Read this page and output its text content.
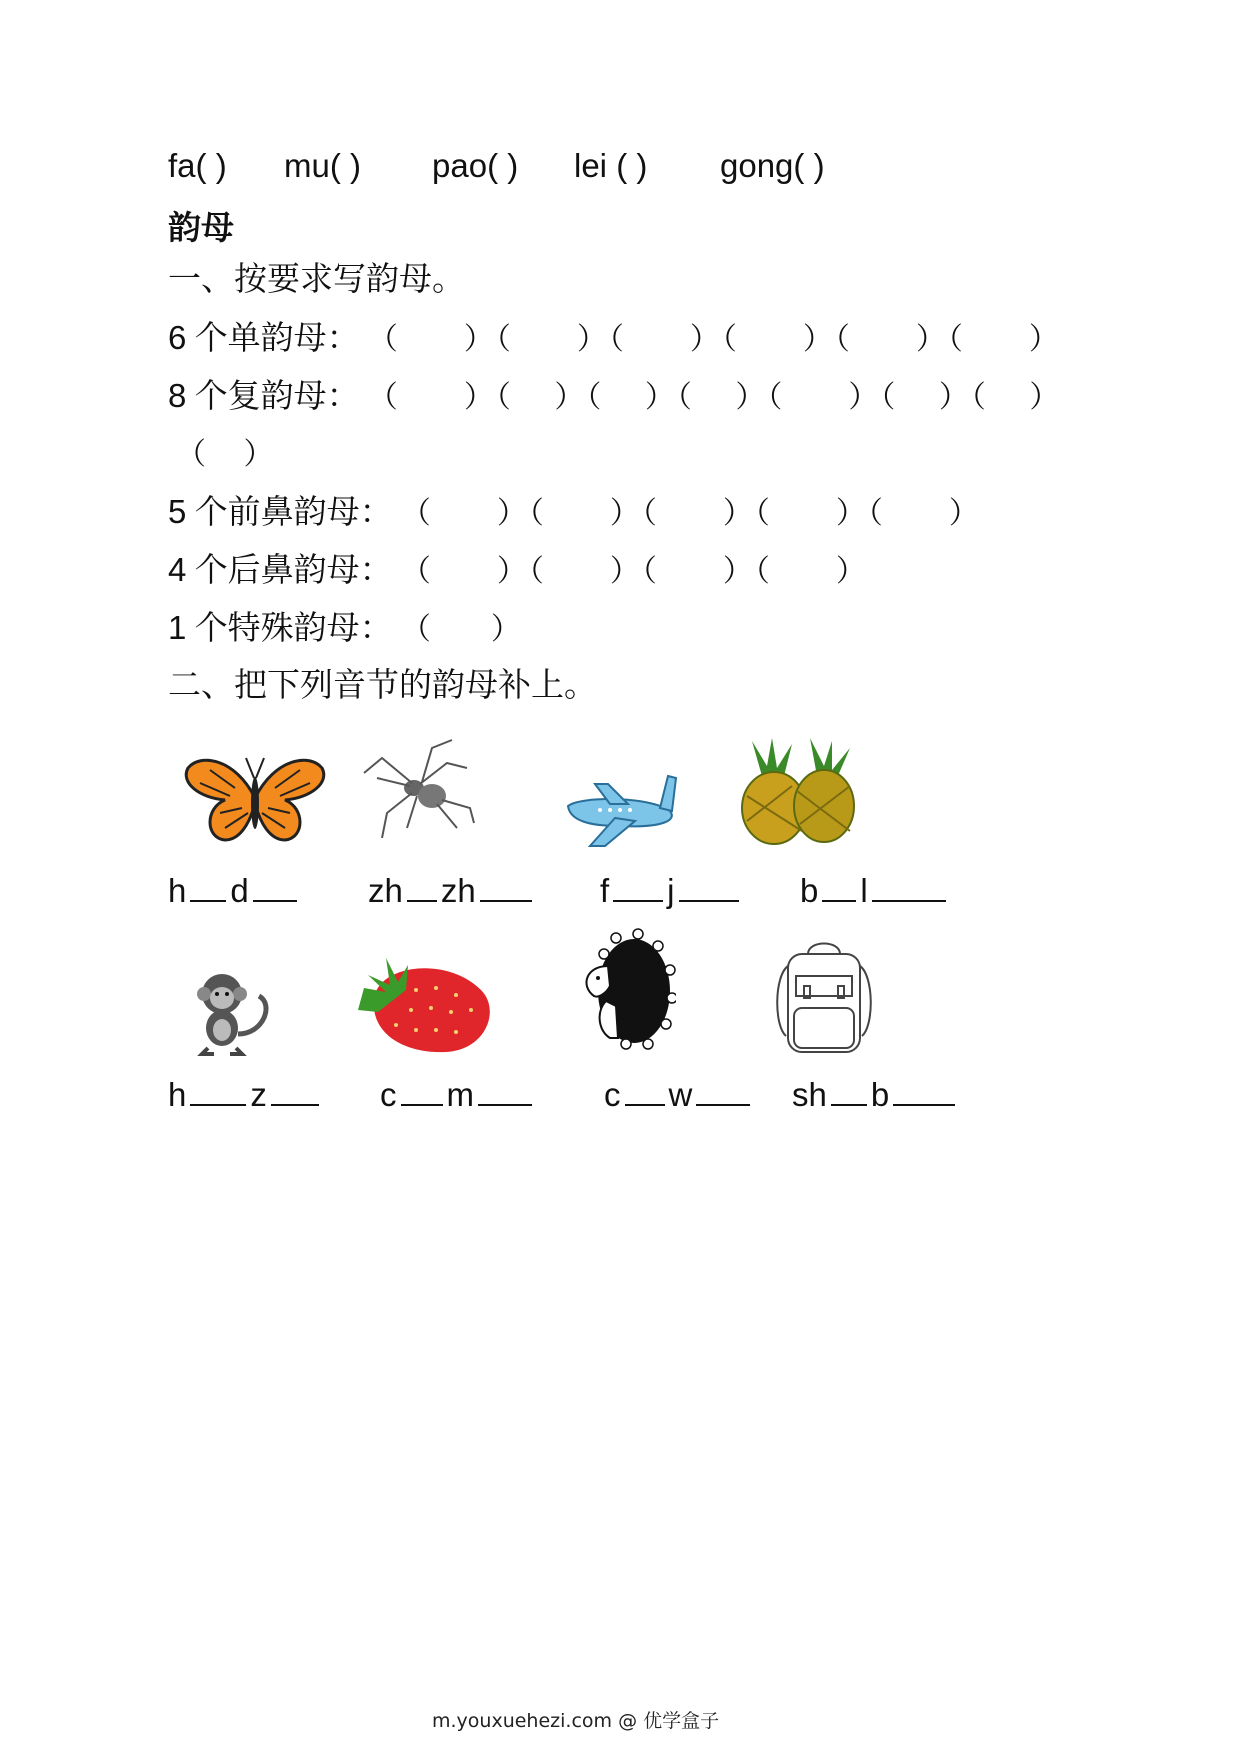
fa( ) mu( ) pao( ) lei ( ) gong( )
韵母
一、按要求写韵母。
6 个单韵母： （　　）（　　）（　　）（　　）（　　）（　　）
8 个复韵母： （　　）（　 ）（　 ）（　 ）（　　）（　 ）（　 ）
（　 ）
5 个前鼻韵母： （　　）（　　）（　　）（　　）（　　）
4 个后鼻韵母： （　　）（　　）（　　）（　　）
1 个特殊韵母： （　　）
二、把下列音节的韵母补上。
h d	zh zh	f j	b l
h z	c m	c w	sh b
m.youxuehezi.com @ 优学盒子
